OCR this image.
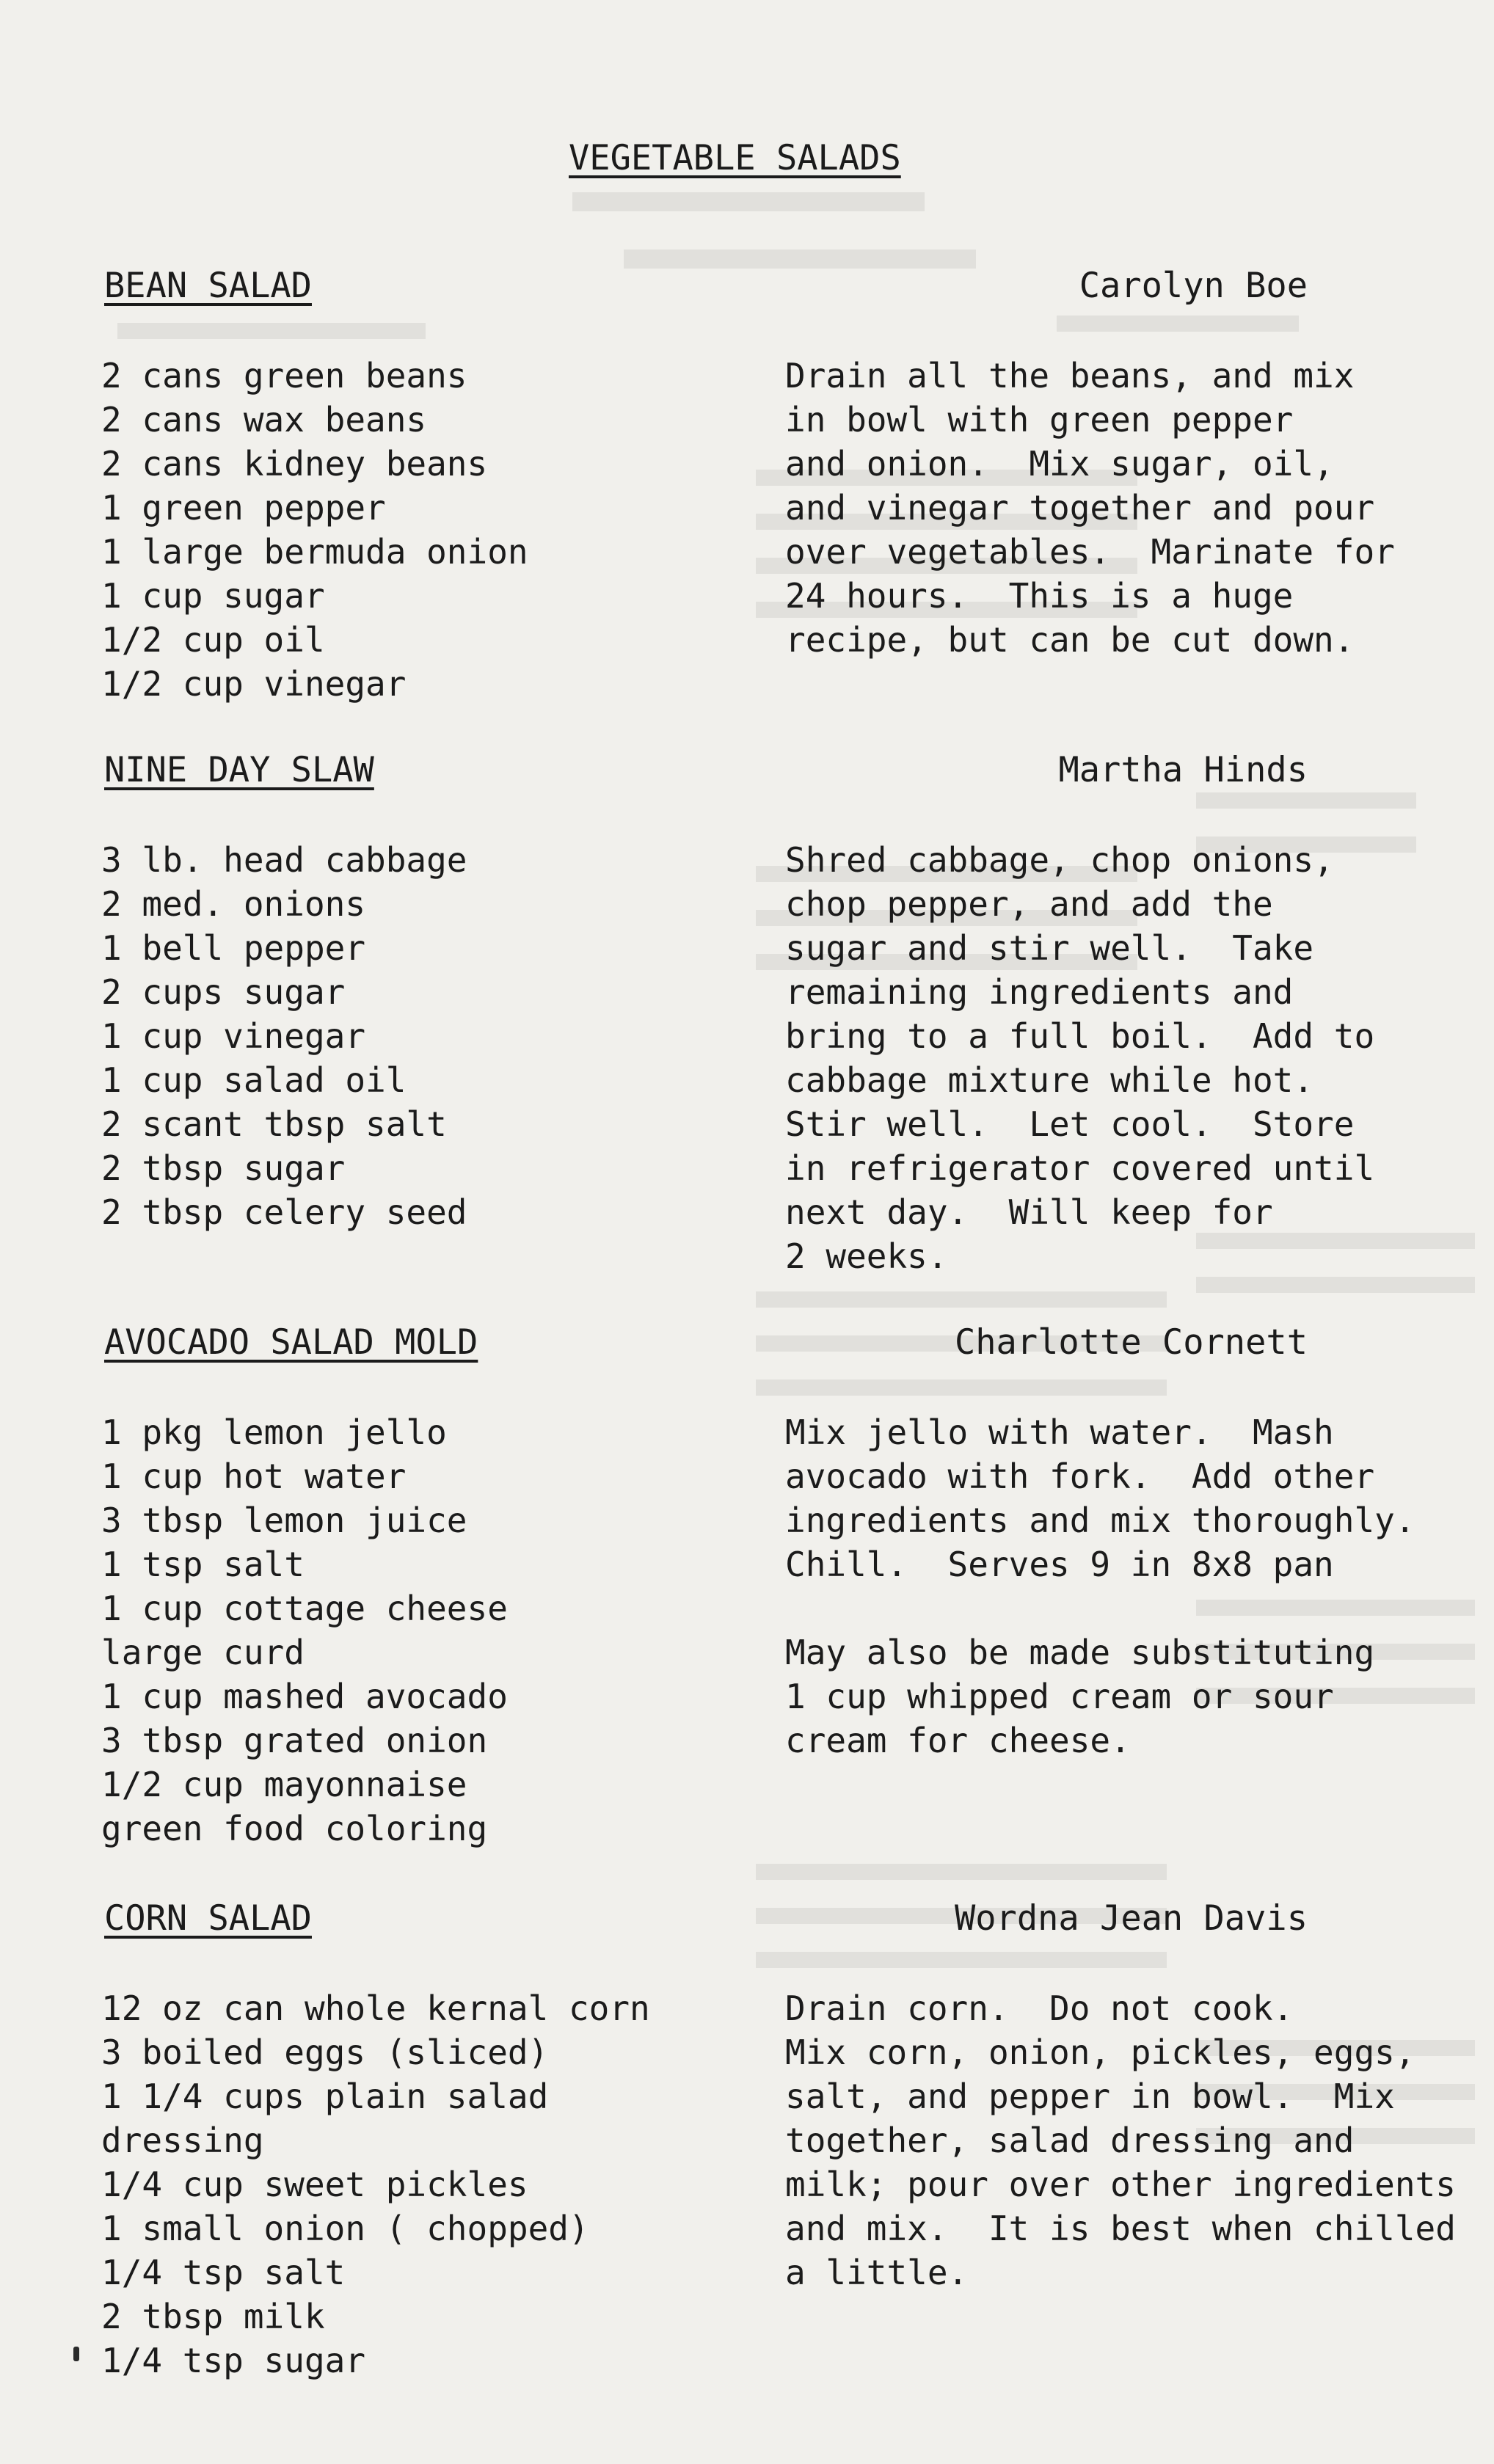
VEGETABLE SALADS
BEAN SALAD	Carolyn Boe
2 cans green beans
2 cans wax beans
2 cans kidney beans
1 green pepper
1 large bermuda onion
1 cup sugar
1/2 cup oil
1/2 cup vinegar

Drain all the beans, and mix

in bowl with green pepper

and onion.  Mix sugar, oil,

and vinegar together and pour

over vegetables.  Marinate for

24 hours.  This is a huge

recipe, but can be cut down.

NINE DAY SLAW	Martha Hinds
3 lb. head cabbage
2 med. onions
1 bell pepper
2 cups sugar
1 cup vinegar
1 cup salad oil
2 scant tbsp salt
2 tbsp sugar
2 tbsp celery seed

Shred cabbage, chop onions,

chop pepper, and add the

sugar and stir well.  Take

remaining ingredients and

bring to a full boil.  Add to

cabbage mixture while hot.

Stir well.  Let cool.  Store

in refrigerator covered until

next day.  Will keep for

2 weeks.

AVOCADO SALAD MOLD	Charlotte Cornett
1 pkg lemon jello
1 cup hot water
3 tbsp lemon juice
1 tsp salt
1 cup cottage cheese
large curd
1 cup mashed avocado
3 tbsp grated onion
1/2 cup mayonnaise
green food coloring

Mix jello with water.  Mash

avocado with fork.  Add other

ingredients and mix thoroughly.

Chill.  Serves 9 in 8x8 pan

May also be made substituting

1 cup whipped cream or sour

cream for cheese.

CORN SALAD	Wordna Jean Davis
12 oz can whole kernal corn
3 boiled eggs (sliced)
1 1/4 cups plain salad
dressing
1/4 cup sweet pickles
1 small onion ( chopped)
1/4 tsp salt
2 tbsp milk
1/4 tsp sugar

Drain corn.  Do not cook.

Mix corn, onion, pickles, eggs,

salt, and pepper in bowl.  Mix

together, salad dressing and

milk; pour over other ingredients

and mix.  It is best when chilled

a little.
